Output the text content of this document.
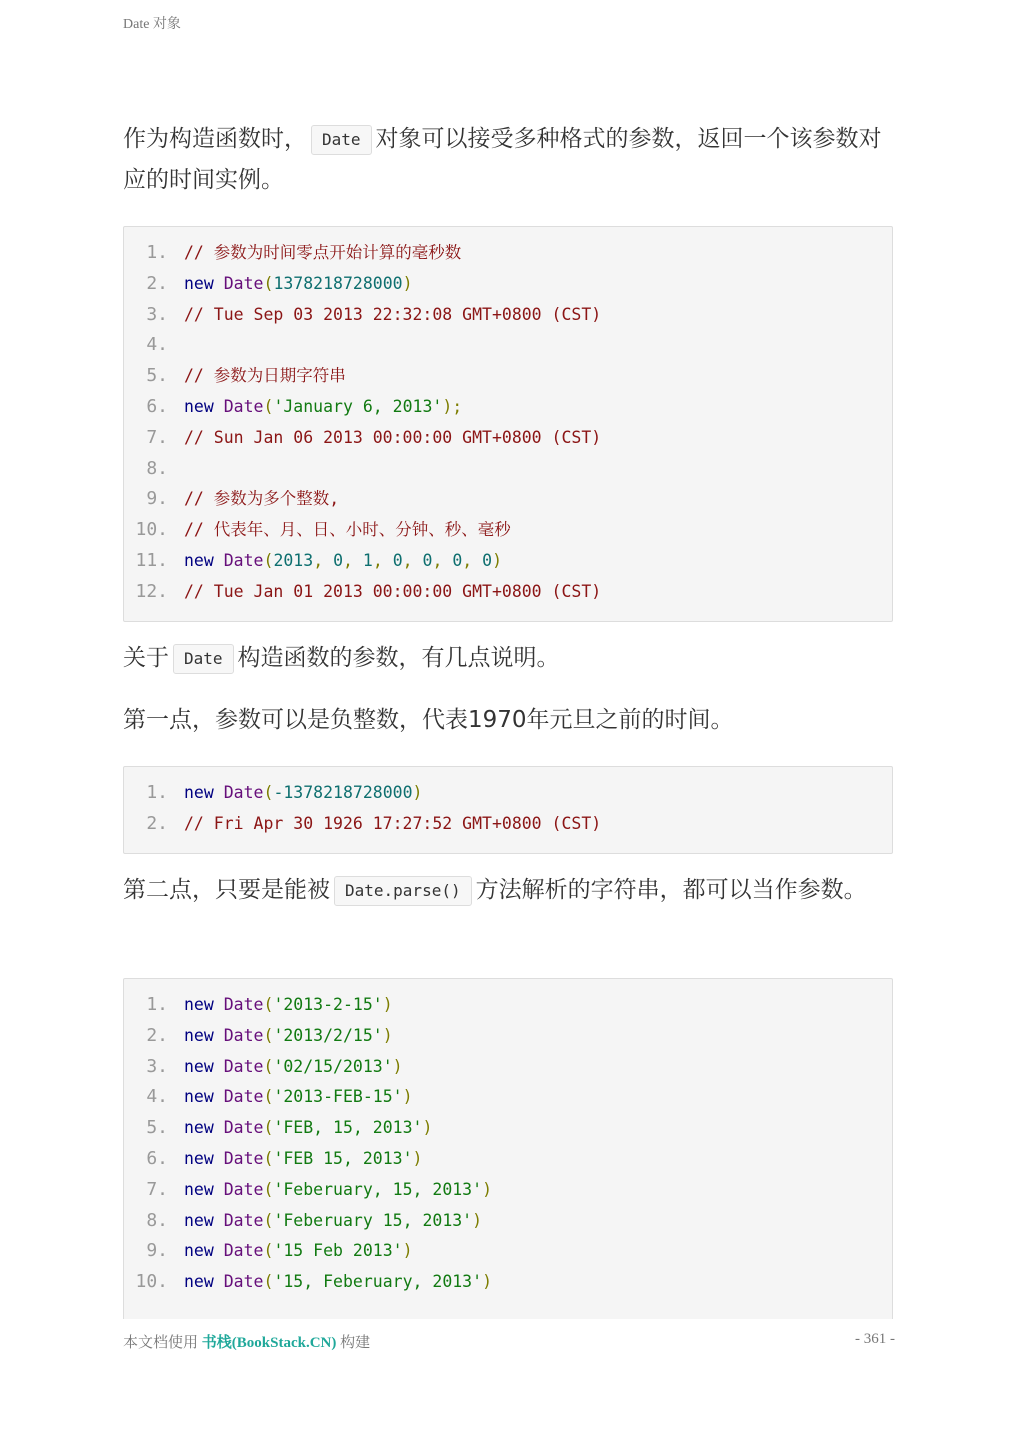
Date 对象

作为构造函数时， Date 对象可以接受多种格式的参数，返回一个该参数对应的时间实例。

1. // 参数为时间零点开始计算的毫秒数
2. new Date(1378218728000)
3. // Tue Sep 03 2013 22:32:08 GMT+0800 (CST)
4.
5. // 参数为日期字符串
6. new Date('January 6, 2013');
7. // Sun Jan 06 2013 00:00:00 GMT+0800 (CST)
8.
9. // 参数为多个整数,
10. // 代表年、月、日、小时、分钟、秒、毫秒
11. new Date(2013, 0, 1, 0, 0, 0, 0)
12. // Tue Jan 01 2013 00:00:00 GMT+0800 (CST)

关于 Date 构造函数的参数，有几点说明。

第一点，参数可以是负整数，代表1970年元旦之前的时间。

1. new Date(-1378218728000)
2. // Fri Apr 30 1926 17:27:52 GMT+0800 (CST)

第二点，只要是能被 Date.parse() 方法解析的字符串，都可以当作参数。

1. new Date('2013-2-15')
2. new Date('2013/2/15')
3. new Date('02/15/2013')
4. new Date('2013-FEB-15')
5. new Date('FEB, 15, 2013')
6. new Date('FEB 15, 2013')
7. new Date('Feberuary, 15, 2013')
8. new Date('Feberuary 15, 2013')
9. new Date('15 Feb 2013')
10. new Date('15, Feberuary, 2013')
本文档使用 书栈(BookStack.CN) 构建	- 361 -
